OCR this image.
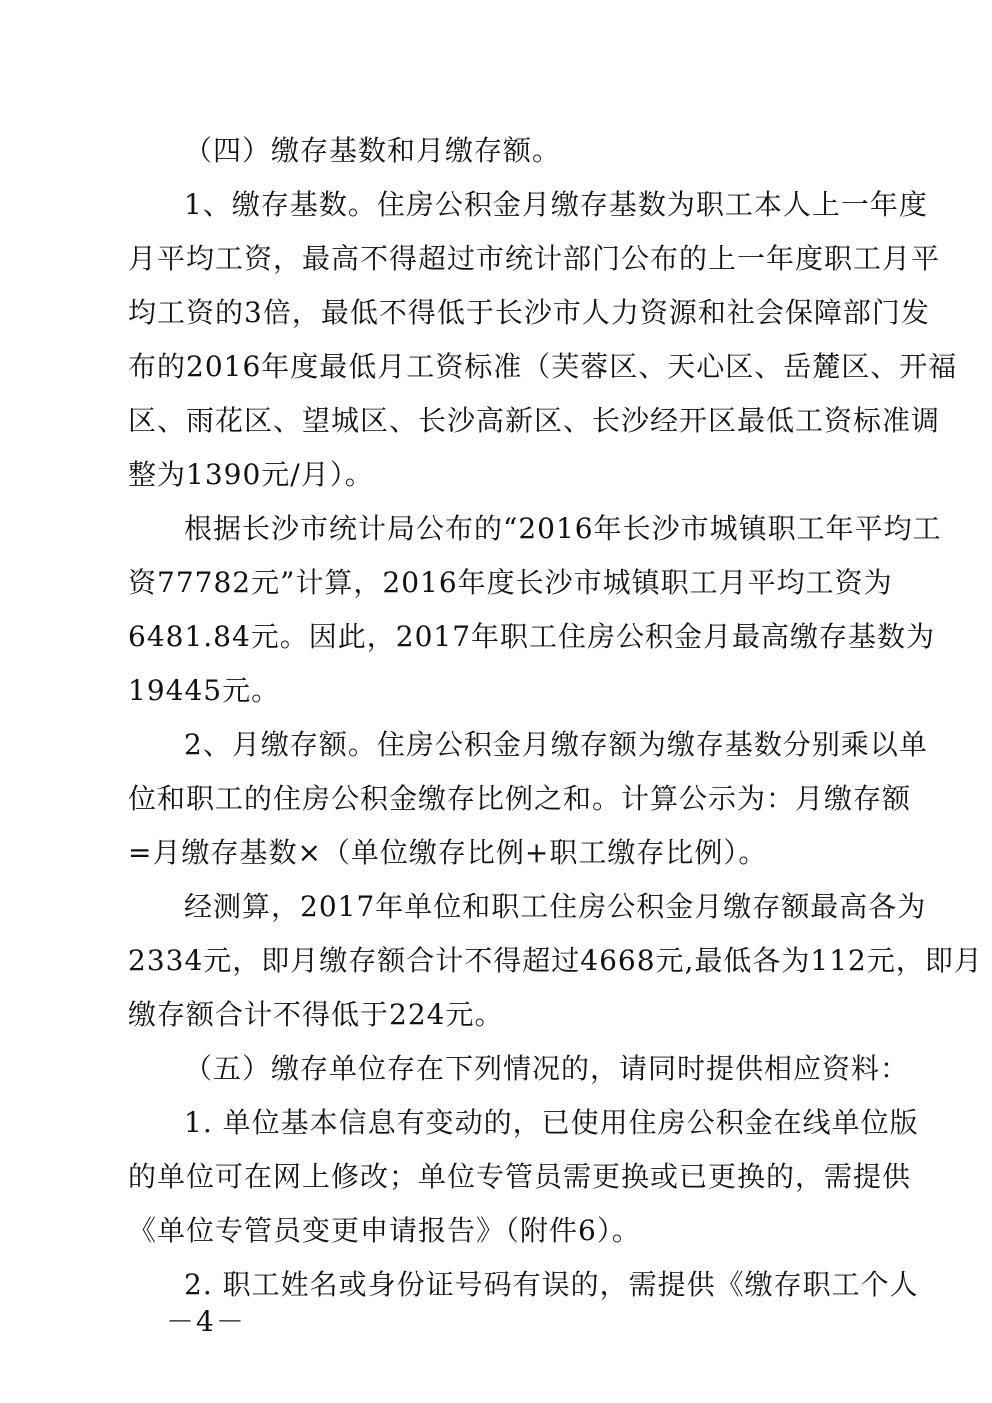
（四）缴存基数和月缴存额。

1、缴存基数。住房公积金月缴存基数为职工本人上一年度
月平均工资，最高不得超过市统计部门公布的上一年度职工月平
均工资的3倍，最低不得低于长沙市人力资源和社会保障部门发
布的2016年度最低月工资标准（芙蓉区、天心区、岳麓区、开福
区、雨花区、望城区、长沙高新区、长沙经开区最低工资标准调
整为1390元/月）。

根据长沙市统计局公布的“2016年长沙市城镇职工年平均工
资77782元”计算，2016年度长沙市城镇职工月平均工资为
6481.84元。因此，2017年职工住房公积金月最高缴存基数为
19445元。

2、月缴存额。住房公积金月缴存额为缴存基数分别乘以单
位和职工的住房公积金缴存比例之和。计算公示为：月缴存额
=月缴存基数×（单位缴存比例+职工缴存比例）。

经测算，2017年单位和职工住房公积金月缴存额最高各为
2334元，即月缴存额合计不得超过4668元,最低各为112元，即月
缴存额合计不得低于224元。

（五）缴存单位存在下列情况的，请同时提供相应资料：

1. 单位基本信息有变动的，已使用住房公积金在线单位版
的单位可在网上修改；单位专管员需更换或已更换的，需提供
《单位专管员变更申请报告》（附件6）。

2. 职工姓名或身份证号码有误的，需提供《缴存职工个人

－4－
